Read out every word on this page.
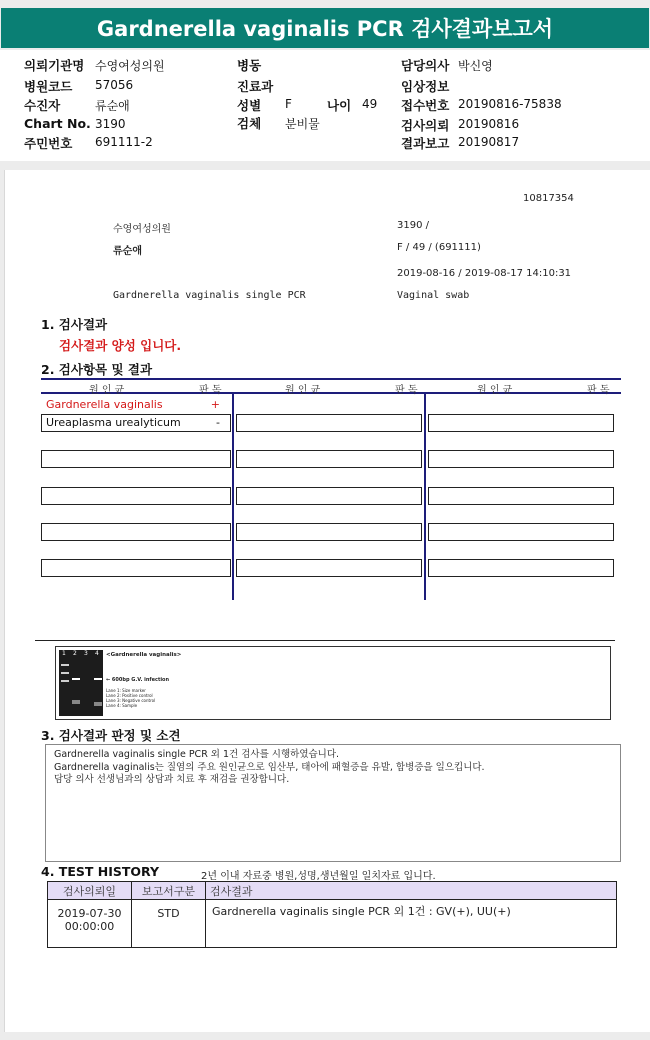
Gardnerella vaginalis PCR 검사결과보고서
의뢰기관명 수영여성의원	병동	담당의사 박신영
병원코드 57056	진료과	임상정보
수진자	류순애	성별 F	나이 49 접수번호 20190816-75838
Chart No. 3190	검체 분비물	검사의뢰 20190816
주민번호 691111-2	결과보고 20190817
10817354
수영여성의원	3190 /
류순애	F / 49 / (691111)
2019-08-16 / 2019-08-17 14:10:31
Gardnerella vaginalis single PCR	Vaginal swab
1. 검사결과
검사결과 양성 입니다.
2. 검사항목 및 결과
원 인 균	판 독	원 인 균	판 독	원 인 균	판 독
Gardnerella vaginalis	+
Ureaplasma urealyticum	-
1 2 3 4 <Gardnerella vaginalis>
← 600bp G.V. infection
Lane 1: Size marker
Lane 2: Positive control
Lane 3: Negative control
Lane 4: Sample
3. 검사결과 판정 및 소견
Gardnerella vaginalis single PCR 외 1건 검사를 시행하였습니다.
Gardnerella vaginalis는 질염의 주요 원인균으로 임산부, 태아에 패혈증을 유발, 합병증을 일으킵니다.
담당 의사 선생님과의 상담과 치료 후 재검을 권장합니다.
4. TEST HISTORY	2년 이내 자료중 병원,성명,생년월일 일치자료 입니다.
검사의뢰일	보고서구분	검사결과

2019-07-30
00:00:00	STD	Gardnerella vaginalis single PCR 외 1건 : GV(+), UU(+)
